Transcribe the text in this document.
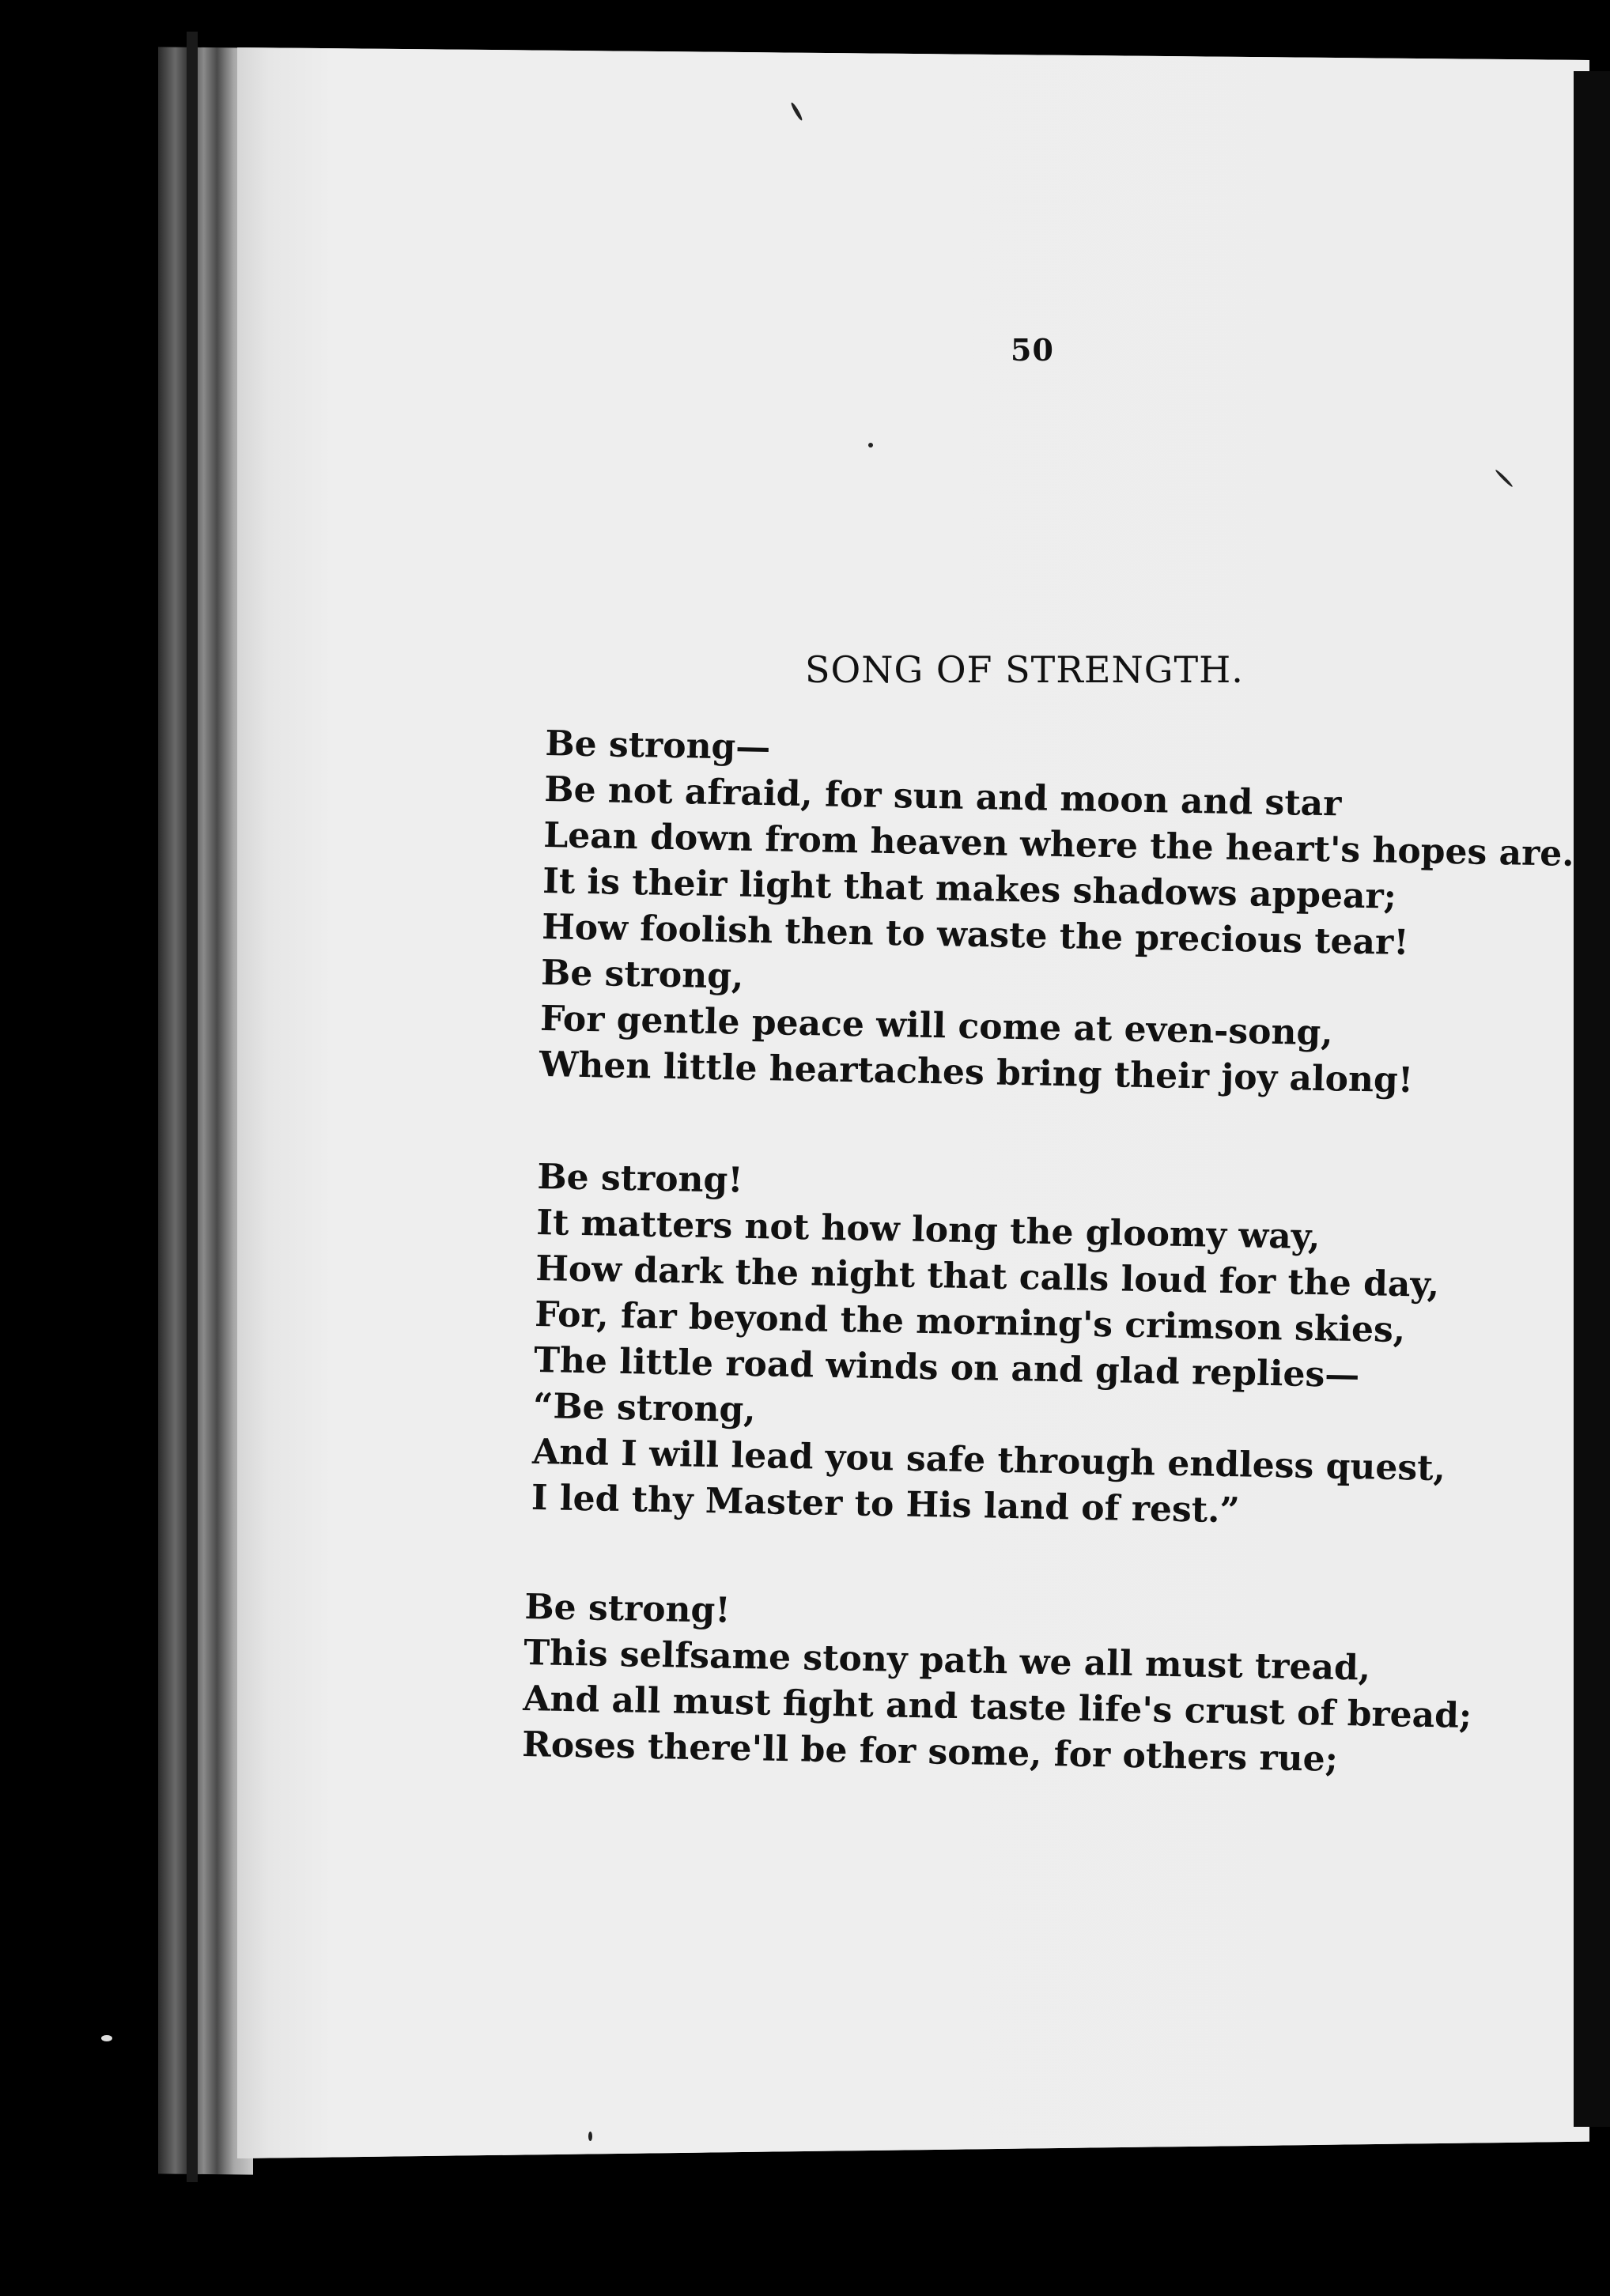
50
SONG OF STRENGTH.
Be strong—
Be not afraid, for sun and moon and star
Lean down from heaven where the heart's hopes are.
It is their light that makes shadows appear;
How foolish then to waste the precious tear!
Be strong,
For gentle peace will come at even-song,
When little heartaches bring their joy along!
Be strong!
It matters not how long the gloomy way,
How dark the night that calls loud for the day,
For, far beyond the morning's crimson skies,
The little road winds on and glad replies—
“Be strong,
And I will lead you safe through endless quest,
I led thy Master to His land of rest.”
Be strong!
This selfsame stony path we all must tread,
And all must fight and taste life's crust of bread;
Roses there'll be for some, for others rue;
